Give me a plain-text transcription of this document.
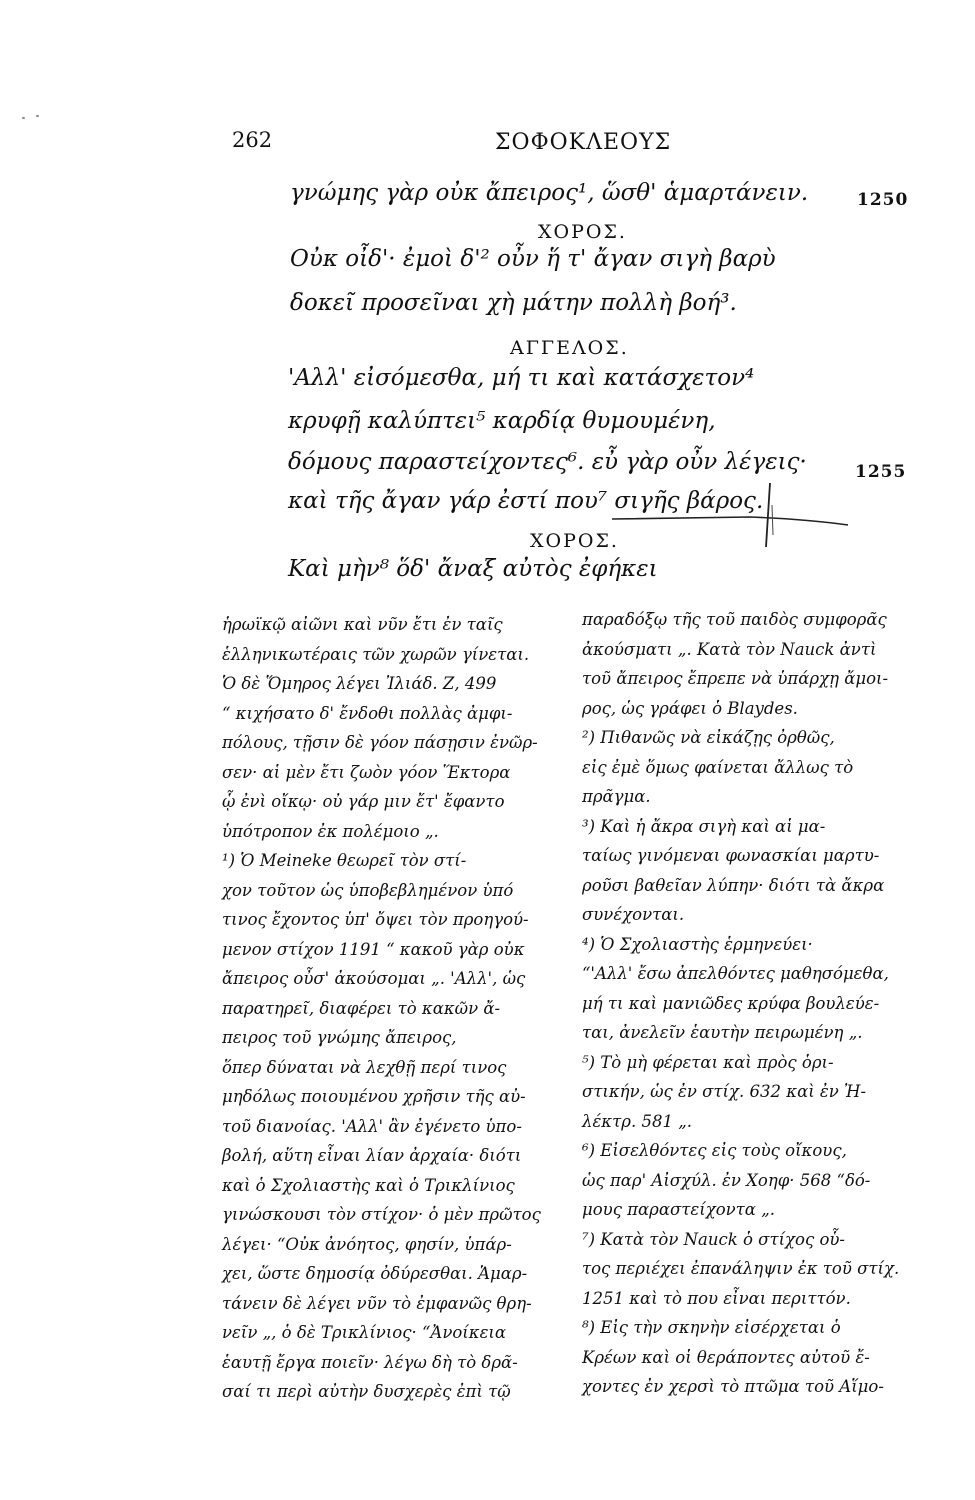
262	ΣΟΦΟΚΛΕΟΥΣ
γνώμης γὰρ οὐκ ἄπειρος¹, ὥσθ' ἁμαρτάνειν.	1250
ΧΟΡΟΣ.
Οὐκ οἶδ'· ἐμοὶ δ'² οὖν ἥ τ' ἄγαν σιγὴ βαρὺ
δοκεῖ προσεῖναι χὴ μάτην πολλὴ βοή³.
ΑΓΓΕΛΟΣ.
'Αλλ' εἰσόμεσθα, μή τι καὶ κατάσχετον⁴
κρυφῇ καλύπτει⁵ καρδίᾳ θυμουμένη,
δόμους παραστείχοντες⁶. εὖ γὰρ οὖν λέγεις·	1255
καὶ τῆς ἄγαν γάρ ἐστί που⁷ σιγῆς βάρος.
ΧΟΡΟΣ.
Καὶ μὴν⁸ ὅδ' ἄναξ αὐτὸς ἐφήκει
ἡρωϊκῷ αἰῶνι καὶ νῦν ἔτι ἐν ταῖς
ἑλληνικωτέραις τῶν χωρῶν γίνεται.
Ὁ δὲ Ὅμηρος λέγει Ἰλιάδ. Ζ, 499
“ κιχήσατο δ' ἔνδοθι πολλὰς ἀμφι-
πόλους, τῇσιν δὲ γόον πάσῃσιν ἐνῶρ-
σεν· αἱ μὲν ἔτι ζωὸν γόον Ἕκτορα
ᾧ ἐνὶ οἴκῳ· οὐ γάρ μιν ἔτ' ἔφαντο
ὑπότροπον ἐκ πολέμοιο „.
¹) Ὁ Meineke θεωρεῖ τὸν στί-
χον τοῦτον ὡς ὑποβεβλημένον ὑπό
τινος ἔχοντος ὑπ' ὄψει τὸν προηγού-
μενον στίχον 1191 “ κακοῦ γὰρ οὐκ
ἄπειρος οὖσ' ἀκούσομαι „. 'Αλλ', ὡς
παρατηρεῖ, διαφέρει τὸ κακῶν ἄ-
πειρος τοῦ γνώμης ἄπειρος,
ὅπερ δύναται νὰ λεχθῇ περί τινος
μηδόλως ποιουμένου χρῆσιν τῆς αὐ-
τοῦ διανοίας. 'Αλλ' ἂν ἐγένετο ὑπο-
βολή, αὕτη εἶναι λίαν ἀρχαία· διότι
καὶ ὁ Σχολιαστὴς καὶ ὁ Τρικλίνιος
γινώσκουσι τὸν στίχον· ὁ μὲν πρῶτος
λέγει· “Οὐκ ἀνόητος, φησίν, ὑπάρ-
χει, ὥστε δημοσίᾳ ὀδύρεσθαι. Ἁμαρ-
τάνειν δὲ λέγει νῦν τὸ ἐμφανῶς θρη-
νεῖν „, ὁ δὲ Τρικλίνιος· “Ἀνοίκεια
ἑαυτῇ ἔργα ποιεῖν· λέγω δὴ τὸ δρᾶ-
σαί τι περὶ αὐτὴν δυσχερὲς ἐπὶ τῷ
παραδόξῳ τῆς τοῦ παιδὸς συμφορᾶς
ἀκούσματι „. Κατὰ τὸν Nauck ἀντὶ
τοῦ ἄπειρος ἔπρεπε νὰ ὑπάρχῃ ἄμοι-
ρος, ὡς γράφει ὁ Blaydes.
²) Πιθανῶς νὰ εἰκάζῃς ὀρθῶς,
εἰς ἐμὲ ὅμως φαίνεται ἄλλως τὸ
πρᾶγμα.
³) Καὶ ἡ ἄκρα σιγὴ καὶ αἱ μα-
ταίως γινόμεναι φωνασκίαι μαρτυ-
ροῦσι βαθεῖαν λύπην· διότι τὰ ἄκρα
συνέχονται.
⁴) Ὁ Σχολιαστὴς ἑρμηνεύει·
“'Αλλ' ἔσω ἀπελθόντες μαθησόμεθα,
μή τι καὶ μανιῶδες κρύφα βουλεύε-
ται, ἀνελεῖν ἑαυτὴν πειρωμένη „.
⁵) Τὸ μὴ φέρεται καὶ πρὸς ὁρι-
στικήν, ὡς ἐν στίχ. 632 καὶ ἐν Ἠ-
λέκτρ. 581 „.
⁶) Εἰσελθόντες εἰς τοὺς οἴκους,
ὡς παρ' Αἰσχύλ. ἐν Χοηφ· 568 “δό-
μους παραστείχοντα „.
⁷) Κατὰ τὸν Nauck ὁ στίχος οὗ-
τος περιέχει ἐπανάληψιν ἐκ τοῦ στίχ.
1251 καὶ τὸ που εἶναι περιττόν.
⁸) Εἰς τὴν σκηνὴν εἰσέρχεται ὁ
Κρέων καὶ οἱ θεράποντες αὐτοῦ ἔ-
χοντες ἐν χερσὶ τὸ πτῶμα τοῦ Αἵμο-
